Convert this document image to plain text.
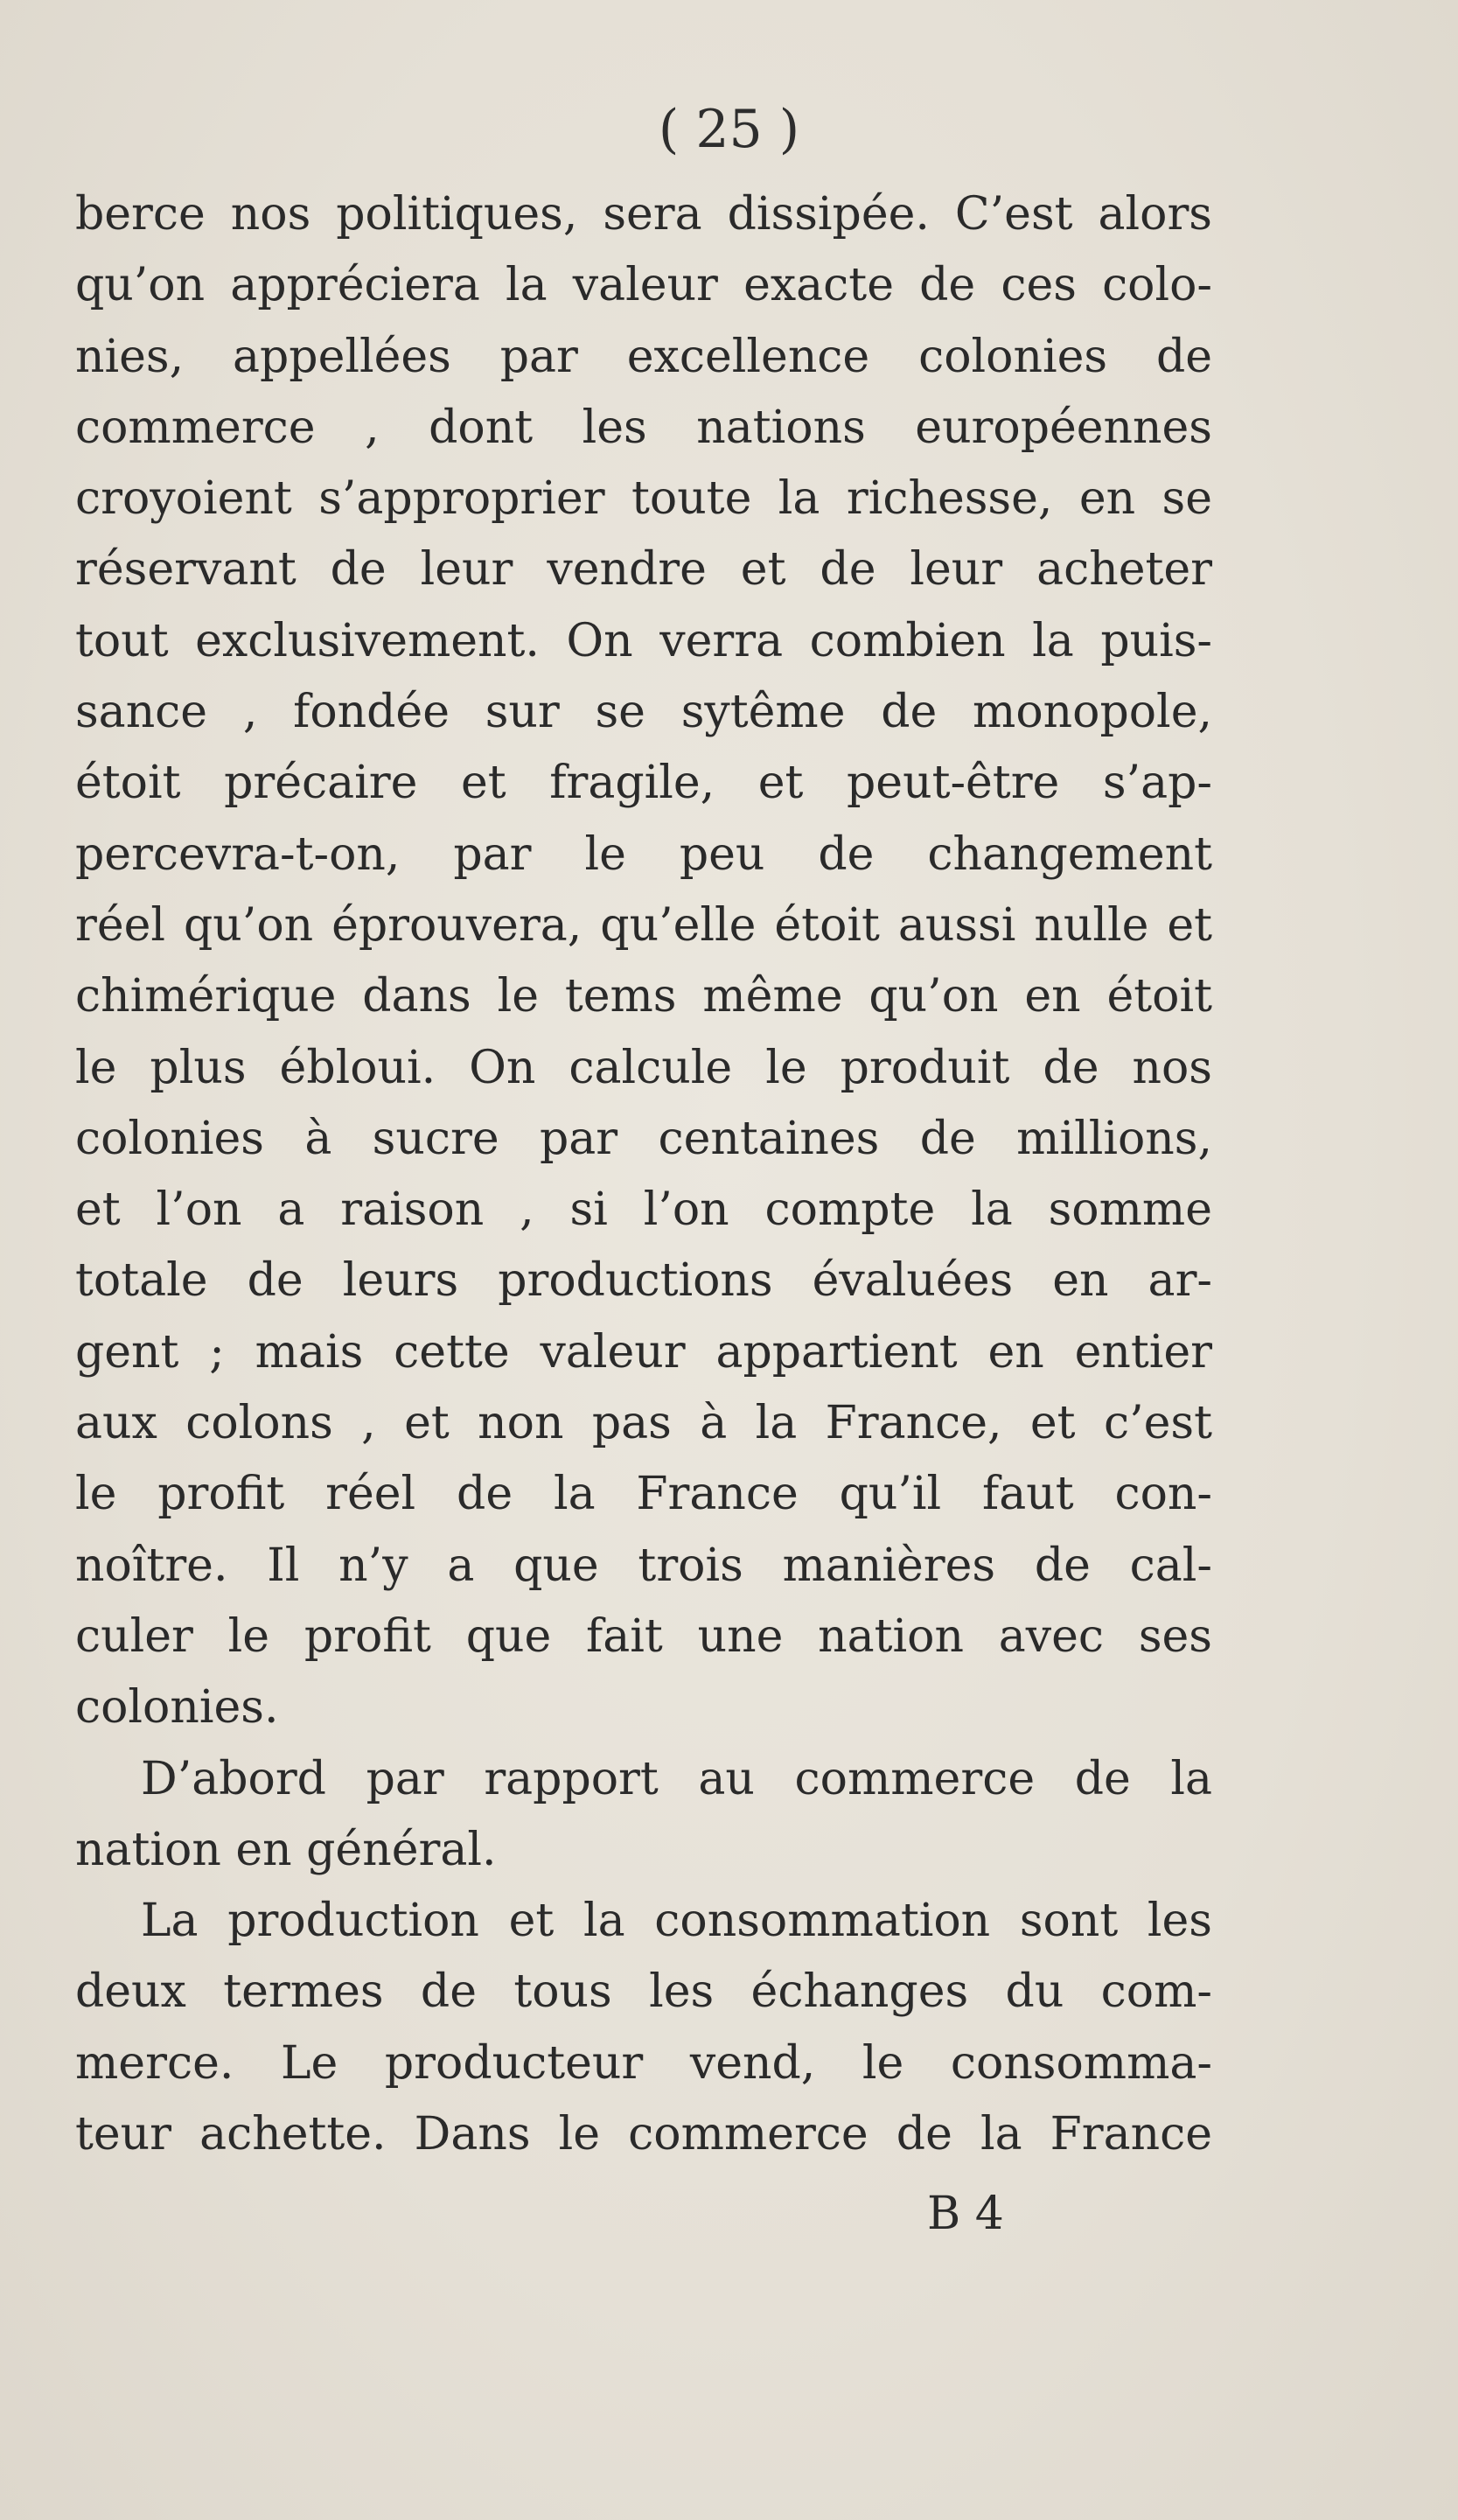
( 25 )
berce nos politiques, sera dissipée. C’est alors
qu’on appréciera la valeur exacte de ces colo-
nies, appellées par excellence colonies de
commerce , dont les nations européennes
croyoient s’approprier toute la richesse, en se
réservant de leur vendre et de leur acheter
tout exclusivement. On verra combien la puis-
sance , fondée sur se sytême de monopole,
étoit précaire et fragile, et peut-être s’ap-
percevra-t-on, par le peu de changement
réel qu’on éprouvera, qu’elle étoit aussi nulle et
chimérique dans le tems même qu’on en étoit
le plus ébloui. On calcule le produit de nos
colonies à sucre par centaines de millions,
et l’on a raison , si l’on compte la somme
totale de leurs productions évaluées en ar-
gent ; mais cette valeur appartient en entier
aux colons , et non pas à la France, et c’est
le profit réel de la France qu’il faut con-
noître. Il n’y a que trois manières de cal-
culer le profit que fait une nation avec ses
colonies.
D’abord par rapport au commerce de la
nation en général.
La production et la consommation sont les
deux termes de tous les échanges du com-
merce. Le producteur vend, le consomma-
teur achette. Dans le commerce de la France
B 4
